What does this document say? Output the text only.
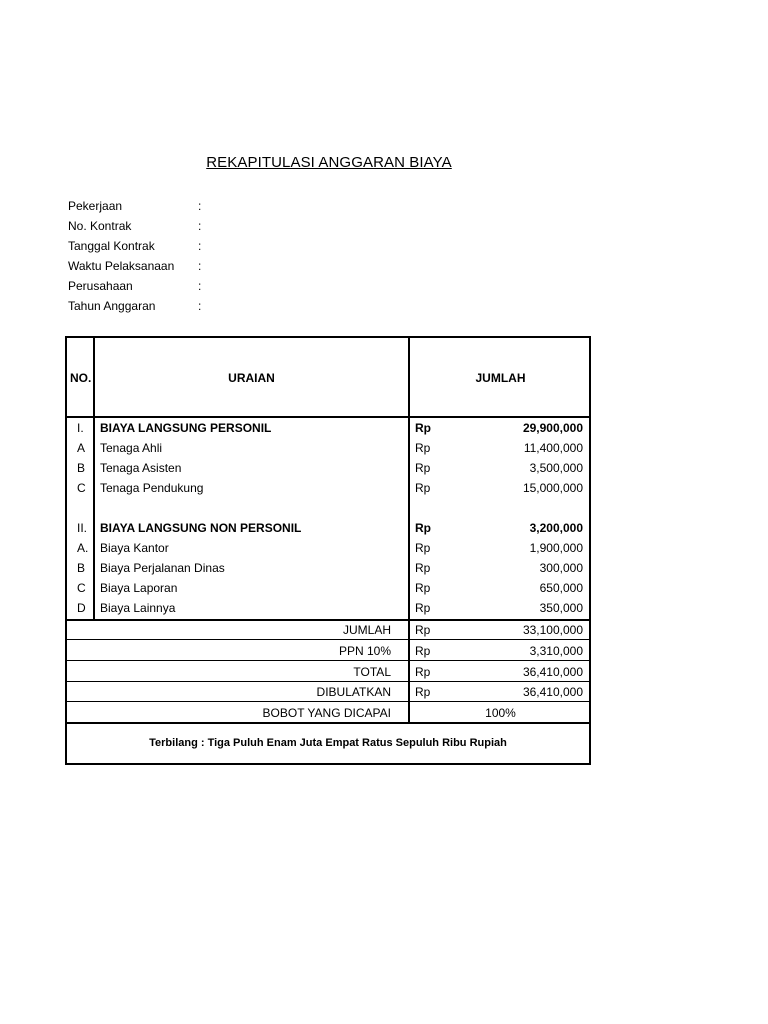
REKAPITULASI ANGGARAN BIAYA
Pekerjaan	:
No. Kontrak	:
Tanggal Kontrak	:
Waktu Pelaksanaan :
Perusahaan	:
Tahun Anggaran	:
NO.	URAIAN	JUMLAH
I. BIAYA LANGSUNG PERSONIL	Rp	29,900,000
A Tenaga Ahli	Rp	11,400,000
B Tenaga Asisten	Rp	3,500,000
C Tenaga Pendukung	Rp	15,000,000
II. BIAYA LANGSUNG NON PERSONIL	Rp	3,200,000
A. Biaya Kantor	Rp	1,900,000
B Biaya Perjalanan Dinas	Rp	300,000
C Biaya Laporan	Rp	650,000
D Biaya Lainnya	Rp	350,000
JUMLAH Rp	33,100,000
PPN 10% Rp	3,310,000
TOTAL Rp	36,410,000
DIBULATKAN Rp	36,410,000
BOBOT YANG DICAPAI	100%
Terbilang : Tiga Puluh Enam Juta Empat Ratus Sepuluh Ribu Rupiah
